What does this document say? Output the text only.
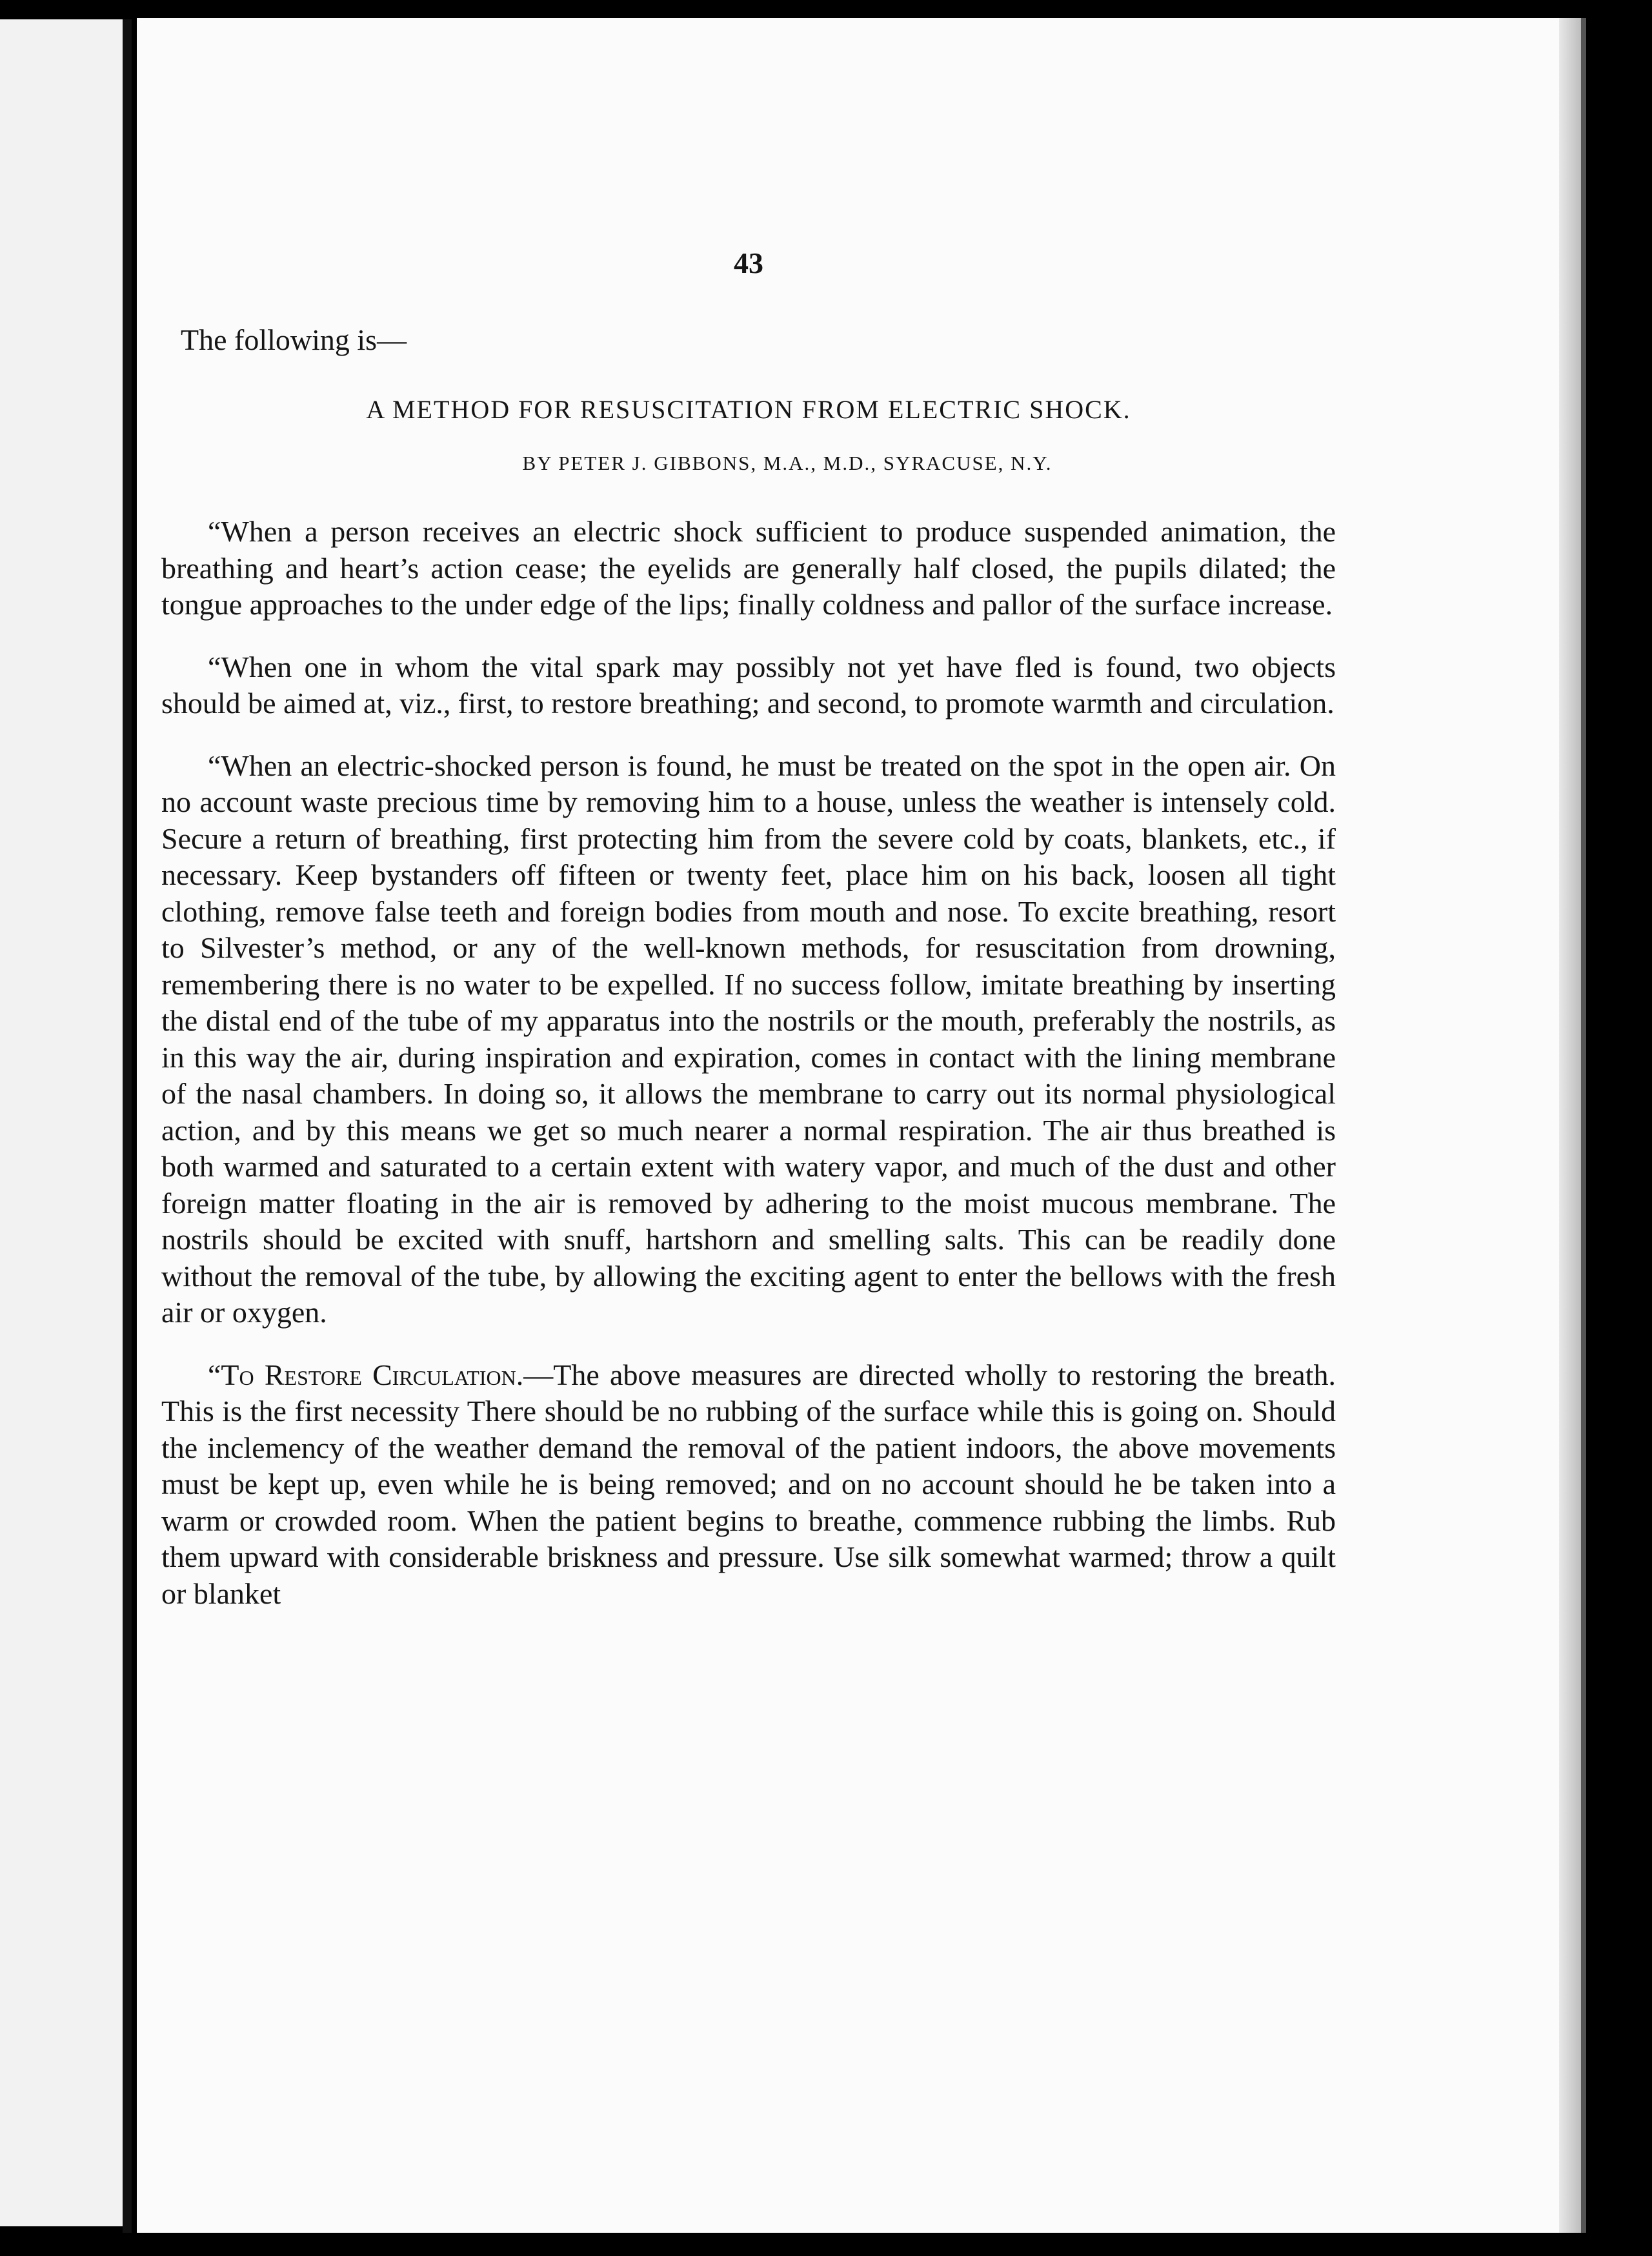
43
The following is—
A METHOD FOR RESUSCITATION FROM ELECTRIC SHOCK.
BY PETER J. GIBBONS, M.A., M.D., SYRACUSE, N.Y.

“When a person receives an electric shock sufficient to produce suspended animation, the breathing and heart’s action cease; the eyelids are generally half closed, the pupils dilated; the tongue approaches to the under edge of the lips; finally coldness and pallor of the surface increase.

“When one in whom the vital spark may possibly not yet have fled is found, two objects should be aimed at, viz., first, to restore breathing; and second, to promote warmth and circulation.

“When an electric-shocked person is found, he must be treated on the spot in the open air. On no account waste precious time by removing him to a house, unless the weather is intensely cold. Secure a return of breathing, first protecting him from the severe cold by coats, blankets, etc., if necessary. Keep bystanders off fifteen or twenty feet, place him on his back, loosen all tight clothing, remove false teeth and foreign bodies from mouth and nose. To excite breathing, resort to Silvester’s method, or any of the well-known methods, for resuscitation from drowning, remembering there is no water to be expelled. If no success follow, imitate breathing by inserting the distal end of the tube of my apparatus into the nostrils or the mouth, preferably the nostrils, as in this way the air, during inspiration and expiration, comes in contact with the lining membrane of the nasal chambers. In doing so, it allows the membrane to carry out its normal physiological action, and by this means we get so much nearer a normal respiration. The air thus breathed is both warmed and saturated to a certain extent with watery vapor, and much of the dust and other foreign matter floating in the air is removed by adhering to the moist mucous membrane. The nostrils should be excited with snuff, hartshorn and smelling salts. This can be readily done without the removal of the tube, by allowing the exciting agent to enter the bellows with the fresh air or oxygen.

“To Restore Circulation.—The above measures are directed wholly to restoring the breath. This is the first necessity There should be no rubbing of the surface while this is going on. Should the inclemency of the weather demand the removal of the patient indoors, the above movements must be kept up, even while he is being removed; and on no account should he be taken into a warm or crowded room. When the patient begins to breathe, commence rubbing the limbs. Rub them upward with considerable briskness and pressure. Use silk somewhat warmed; throw a quilt or blanket
